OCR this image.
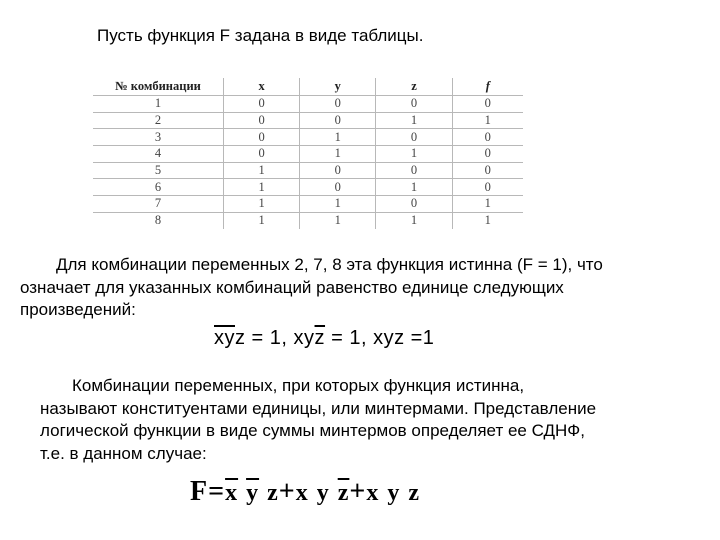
Пусть функция F задана в виде таблицы.
№ комбинации	x	y	z	f
1	0	0	0	0
2	0	0	1	1
3	0	1	0	0
4	0	1	1	0
5	1	0	0	0
6	1	0	1	0
7	1	1	0	1
8	1	1	1	1
Для комбинации переменных 2, 7, 8 эта функция истинна (F = 1), что
означает для указанных комбинаций равенство единице следующих
произведений:
$\overline{x}\overline{y}z = 1$, $xy\overline{z} = 1$, xyz =1
Комбинации переменных, при которых функция истинна,
называют конституентами единицы, или минтермами. Представление
логической функции в виде суммы минтермов определяет ее СДНФ,
т.е. в данном случае:
$F=\overline{x}$ $\overline{y}$ z+x y $\overline{z}+x$ y z
